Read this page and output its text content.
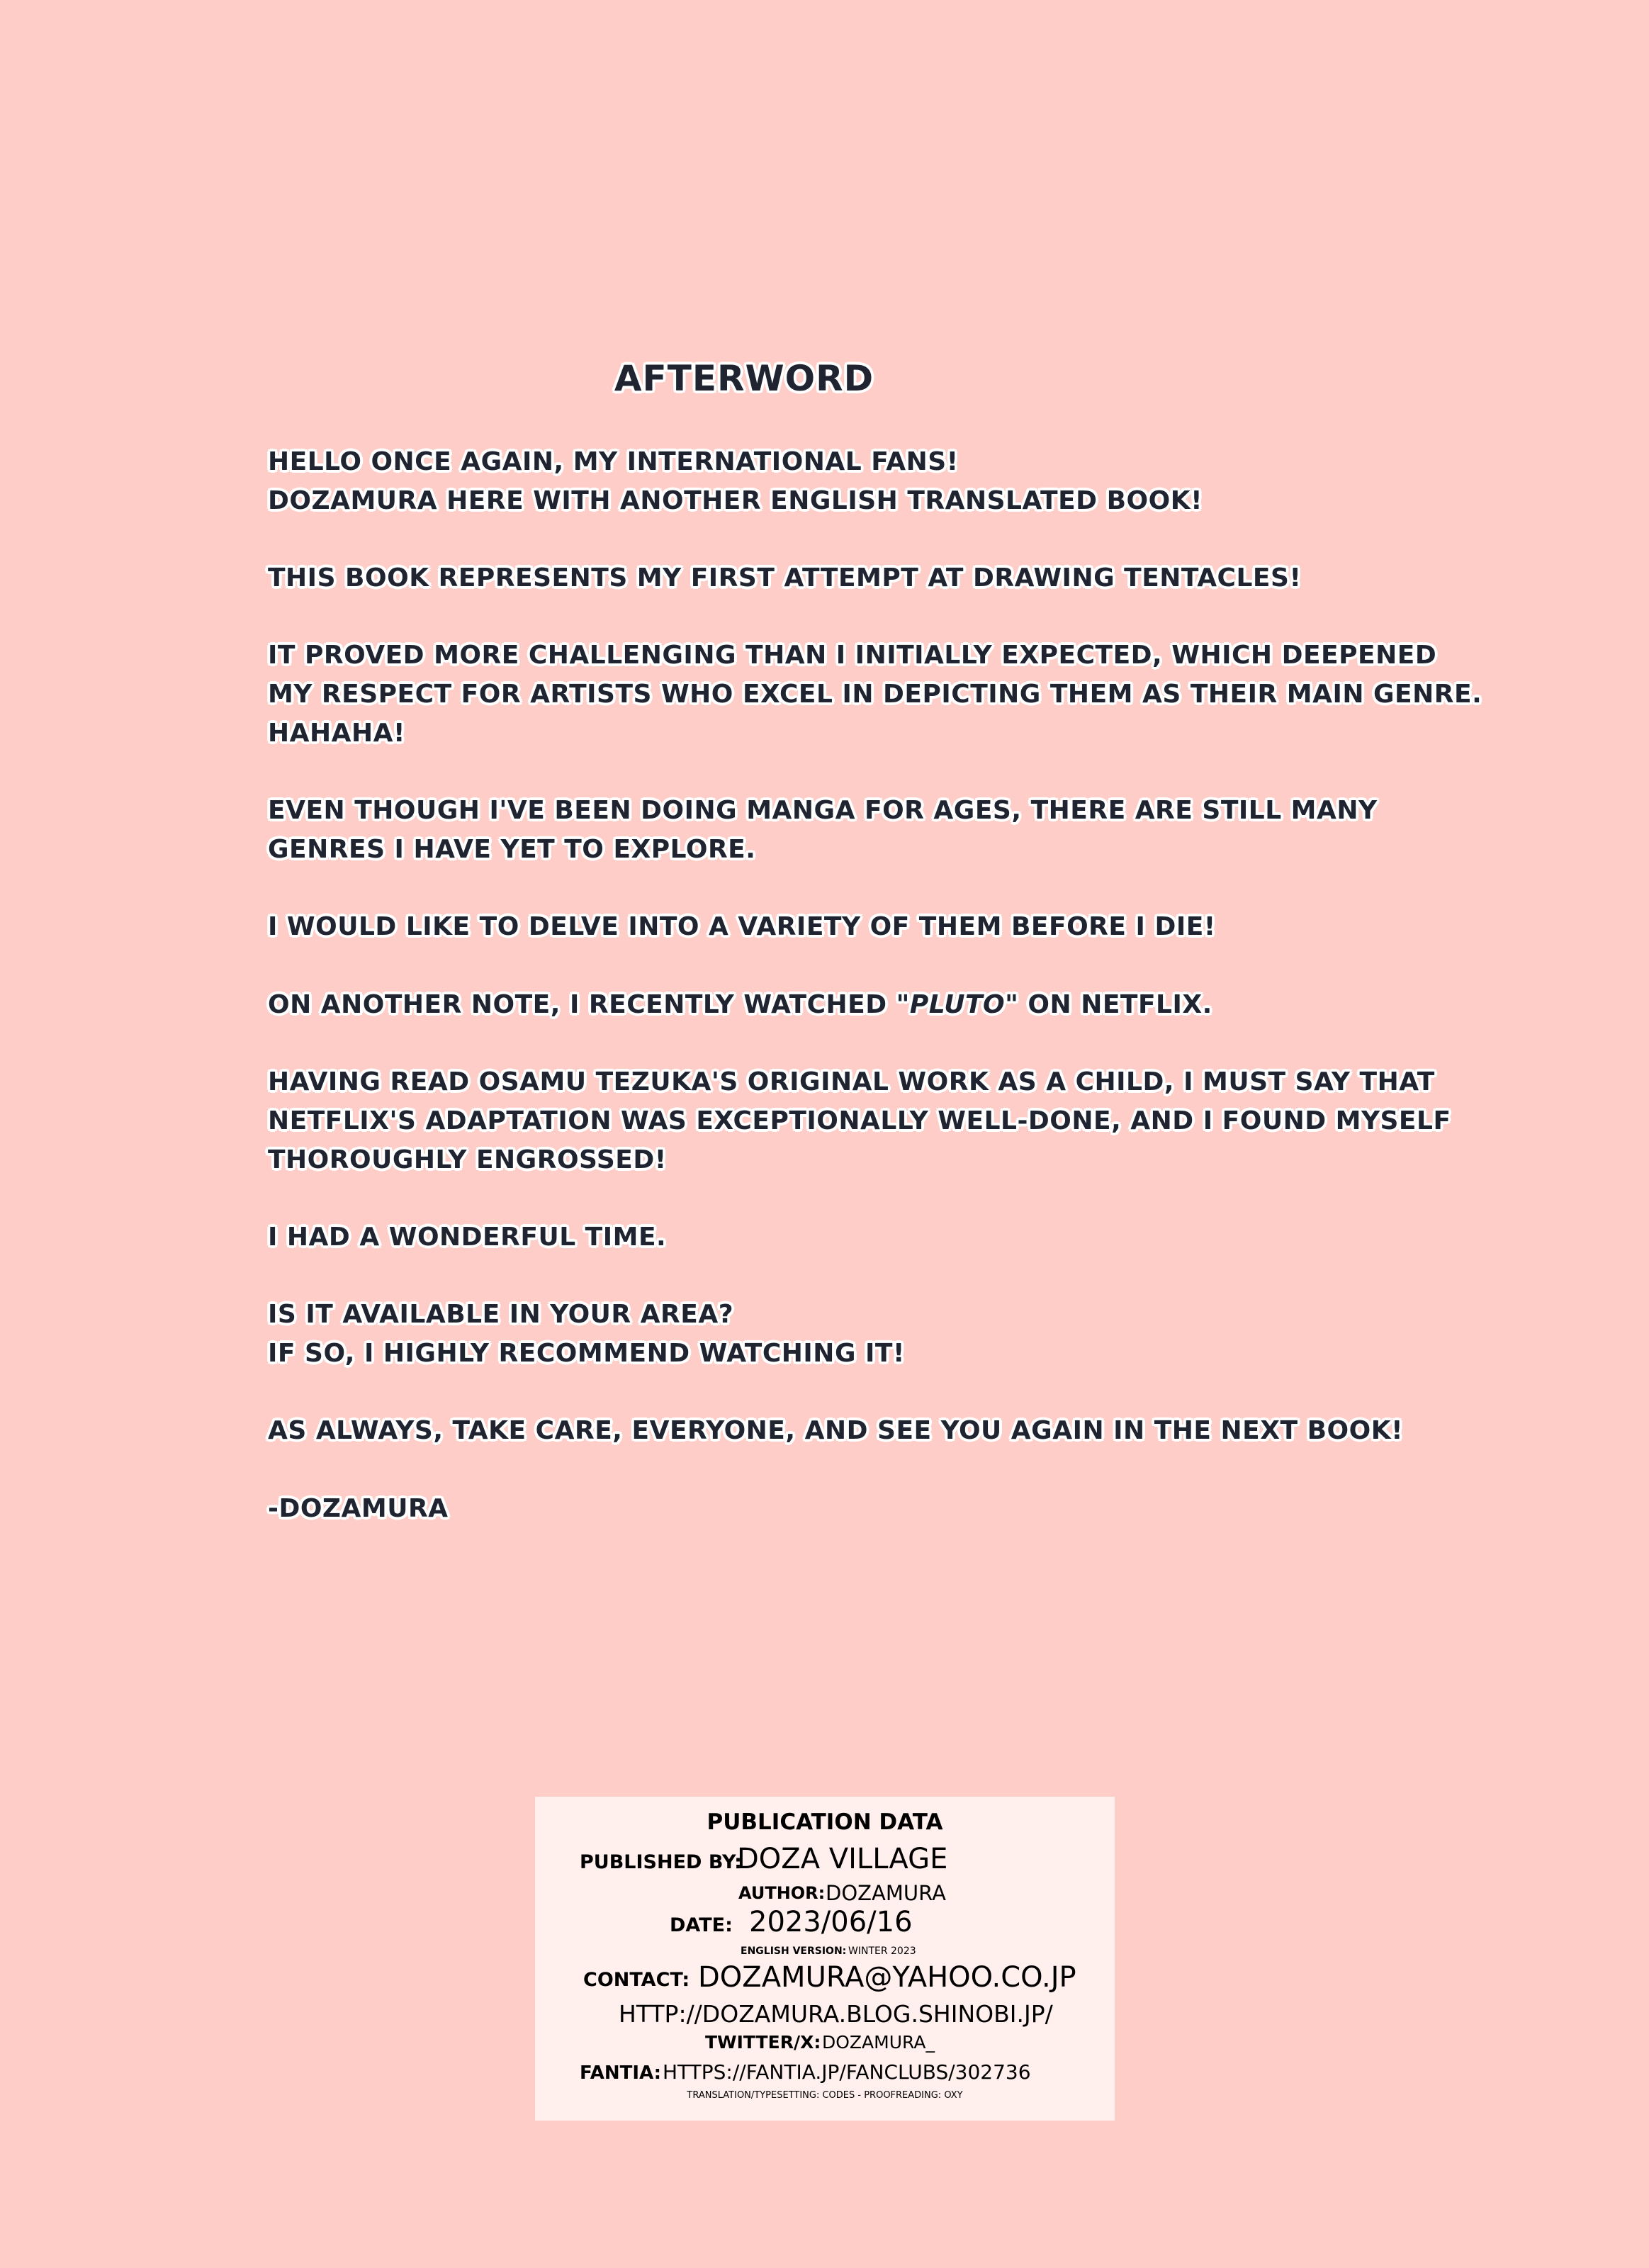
AFTERWORD

HELLO ONCE AGAIN, MY INTERNATIONAL FANS!
DOZAMURA HERE WITH ANOTHER ENGLISH TRANSLATED BOOK!

THIS BOOK REPRESENTS MY FIRST ATTEMPT AT DRAWING TENTACLES!

IT PROVED MORE CHALLENGING THAN I INITIALLY EXPECTED, WHICH DEEPENED
MY RESPECT FOR ARTISTS WHO EXCEL IN DEPICTING THEM AS THEIR MAIN GENRE.
HAHAHA!

EVEN THOUGH I'VE BEEN DOING MANGA FOR AGES, THERE ARE STILL MANY
GENRES I HAVE YET TO EXPLORE.

I WOULD LIKE TO DELVE INTO A VARIETY OF THEM BEFORE I DIE!

ON ANOTHER NOTE, I RECENTLY WATCHED "PLUTO" ON NETFLIX.

HAVING READ OSAMU TEZUKA'S ORIGINAL WORK AS A CHILD, I MUST SAY THAT
NETFLIX'S ADAPTATION WAS EXCEPTIONALLY WELL-DONE, AND I FOUND MYSELF
THOROUGHLY ENGROSSED!

I HAD A WONDERFUL TIME.

IS IT AVAILABLE IN YOUR AREA?
IF SO, I HIGHLY RECOMMEND WATCHING IT!

AS ALWAYS, TAKE CARE, EVERYONE, AND SEE YOU AGAIN IN THE NEXT BOOK!

-DOZAMURA

PUBLICATION DATA
PUBLISHED BY:
DOZA VILLAGE
AUTHOR: DOZAMURA
DATE: 2023/06/16
ENGLISH VERSION: WINTER 2023
CONTACT: DOZAMURA@YAHOO.CO.JP
HTTP://DOZAMURA.BLOG.SHINOBI.JP/
TWITTER/X: DOZAMURA_
FANTIA: HTTPS://FANTIA.JP/FANCLUBS/302736
TRANSLATION/TYPESETTING: CODES - PROOFREADING: OXY
